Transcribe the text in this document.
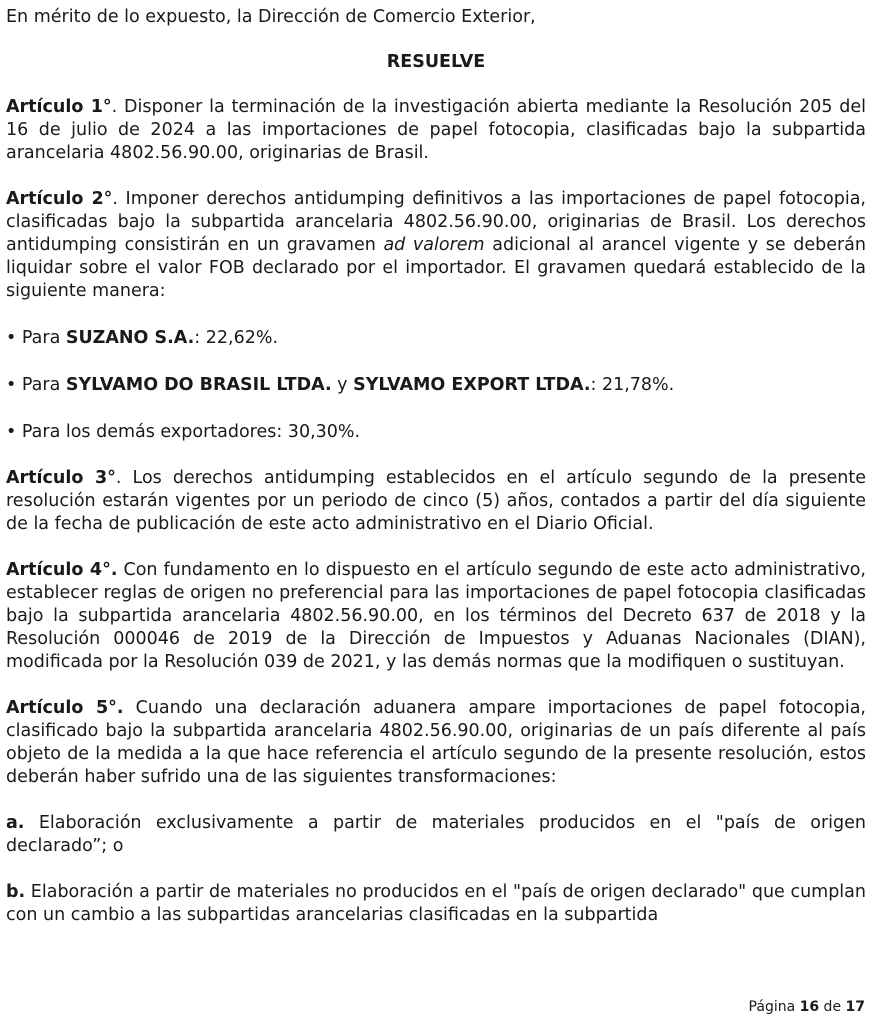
En mérito de lo expuesto, la Dirección de Comercio Exterior,

RESUELVE

Artículo 1°. Disponer la terminación de la investigación abierta mediante la Resolución 205 del 16 de julio de 2024 a las importaciones de papel fotocopia, clasificadas bajo la subpartida arancelaria 4802.56.90.00, originarias de Brasil.

Artículo 2°. Imponer derechos antidumping definitivos a las importaciones de papel fotocopia, clasificadas bajo la subpartida arancelaria 4802.56.90.00, originarias de Brasil. Los derechos antidumping consistirán en un gravamen ad valorem adicional al arancel vigente y se deberán liquidar sobre el valor FOB declarado por el importador. El gravamen quedará establecido de la siguiente manera:

• Para SUZANO S.A.: 22,62%.

• Para SYLVAMO DO BRASIL LTDA. y SYLVAMO EXPORT LTDA.: 21,78%.

• Para los demás exportadores: 30,30%.

Artículo 3°. Los derechos antidumping establecidos en el artículo segundo de la presente resolución estarán vigentes por un periodo de cinco (5) años, contados a partir del día siguiente de la fecha de publicación de este acto administrativo en el Diario Oficial.

Artículo 4°. Con fundamento en lo dispuesto en el artículo segundo de este acto administrativo, establecer reglas de origen no preferencial para las importaciones de papel fotocopia clasificadas bajo la subpartida arancelaria 4802.56.90.00, en los términos del Decreto 637 de 2018 y la Resolución 000046 de 2019 de la Dirección de Impuestos y Aduanas Nacionales (DIAN), modificada por la Resolución 039 de 2021, y las demás normas que la modifiquen o sustituyan.

Artículo 5°. Cuando una declaración aduanera ampare importaciones de papel fotocopia, clasificado bajo la subpartida arancelaria 4802.56.90.00, originarias de un país diferente al país objeto de la medida a la que hace referencia el artículo segundo de la presente resolución, estos deberán haber sufrido una de las siguientes transformaciones:

a. Elaboración exclusivamente a partir de materiales producidos en el "país de origen declarado”; o

b. Elaboración a partir de materiales no producidos en el "país de origen declarado" que cumplan con un cambio a las subpartidas arancelarias clasificadas en la subpartida

Página 16 de 17
